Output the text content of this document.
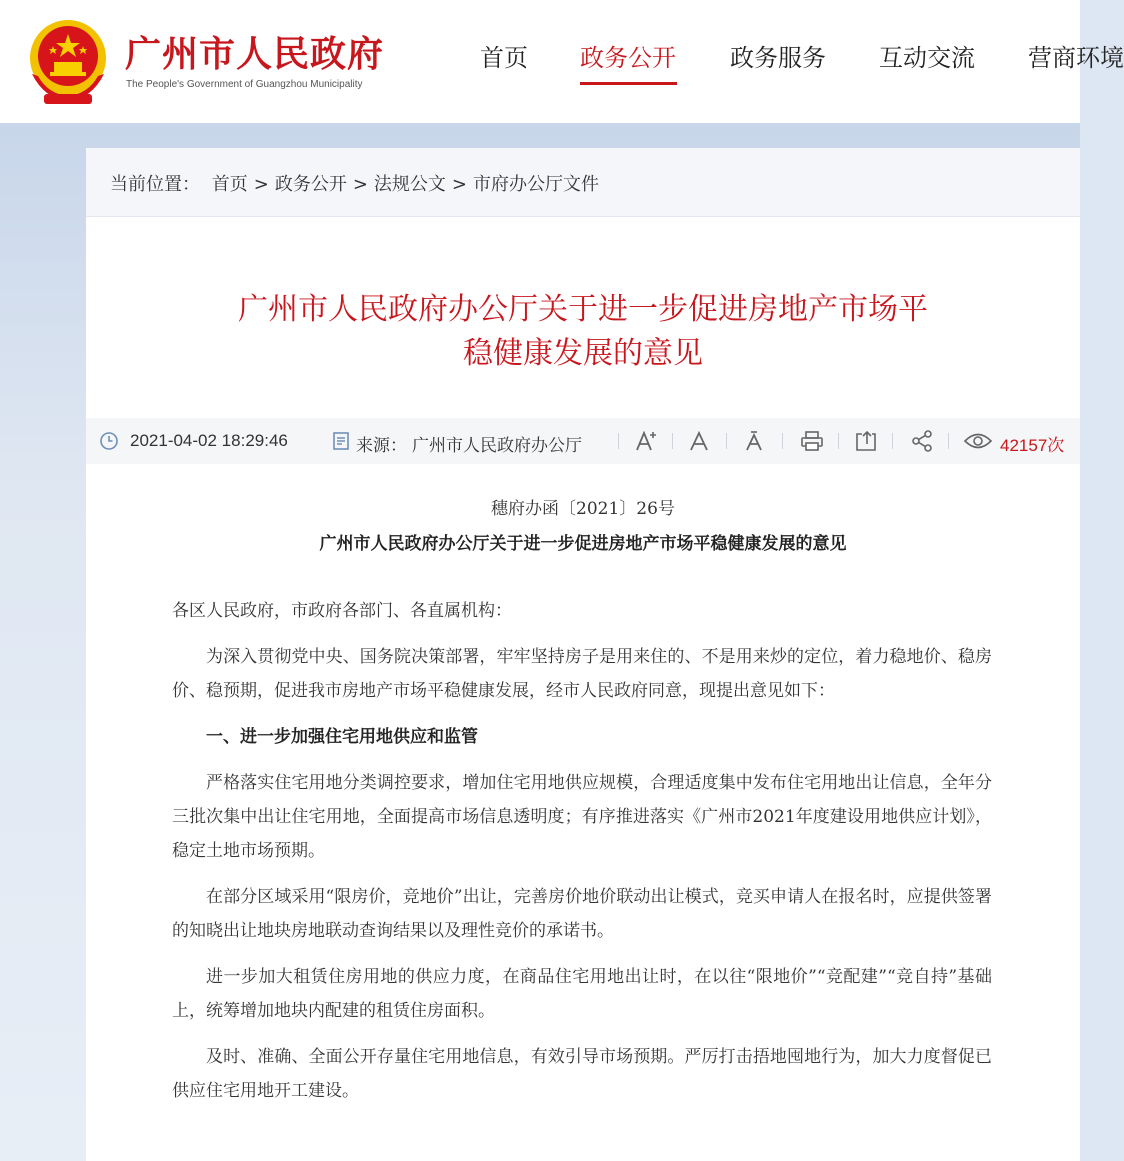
广州市人民政府
The People's Government of Guangzhou Municipality
首页 政务公开 政务服务 互动交流 营商环境
当前位置： 首页 > 政务公开 > 法规公文 > 市府办公厅文件
广州市人民政府办公厅关于进一步促进房地产市场平
稳健康发展的意见
2021-04-02 18:29:46	来源： 广州市人民政府办公厅	42157次
穗府办函〔2021〕26号
广州市人民政府办公厅关于进一步促进房地产市场平稳健康发展的意见

各区人民政府，市政府各部门、各直属机构：

为深入贯彻党中央、国务院决策部署，牢牢坚持房子是用来住的、不是用来炒的定位，着力稳地价、稳房价、稳预期，促进我市房地产市场平稳健康发展，经市人民政府同意，现提出意见如下：

一、进一步加强住宅用地供应和监管

严格落实住宅用地分类调控要求，增加住宅用地供应规模，合理适度集中发布住宅用地出让信息，全年分三批次集中出让住宅用地，全面提高市场信息透明度；有序推进落实《广州市2021年度建设用地供应计划》，稳定土地市场预期。

在部分区域采用“限房价，竞地价”出让，完善房价地价联动出让模式，竞买申请人在报名时，应提供签署的知晓出让地块房地联动查询结果以及理性竞价的承诺书。

进一步加大租赁住房用地的供应力度，在商品住宅用地出让时，在以往“限地价”“竞配建”“竞自持”基础上，统筹增加地块内配建的租赁住房面积。

及时、准确、全面公开存量住宅用地信息，有效引导市场预期。严厉打击捂地囤地行为，加大力度督促已供应住宅用地开工建设。
